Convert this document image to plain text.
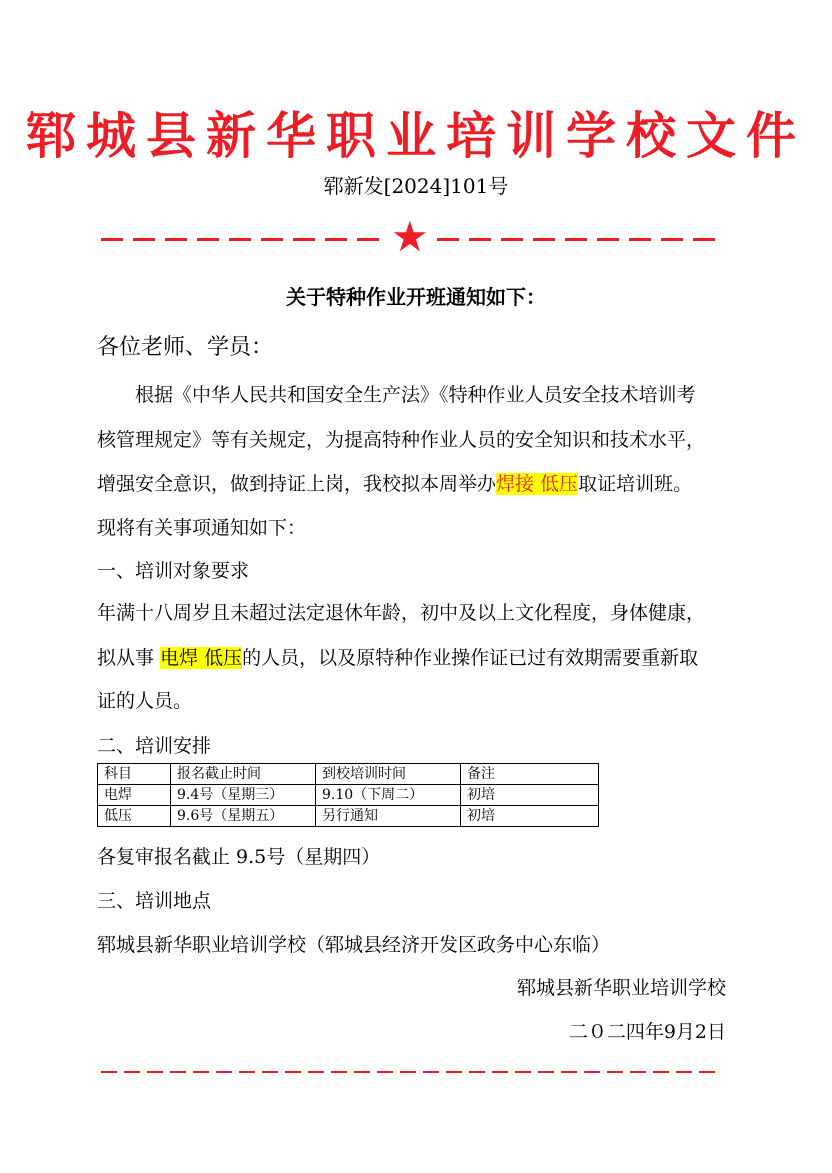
郓城县新华职业培训学校文件
郓新发[2024]101号
★
关于特种作业开班通知如下：
各位老师、学员：
根据《中华人民共和国安全生产法》《特种作业人员安全技术培训考
核管理规定》等有关规定，为提高特种作业人员的安全知识和技术水平，
增强安全意识，做到持证上岗，我校拟本周举办焊接 低压取证培训班。
现将有关事项通知如下：
一、培训对象要求
年满十八周岁且未超过法定退休年龄，初中及以上文化程度，身体健康，
拟从事 电焊 低压的人员，以及原特种作业操作证已过有效期需要重新取
证的人员。
二、培训安排
科目	报名截止时间	到校培训时间	备注
电焊	9.4号（星期三）	9.10（下周二）	初培
低压	9.6号（星期五）	另行通知	初培
各复审报名截止 9.5号（星期四）
三、培训地点
郓城县新华职业培训学校（郓城县经济开发区政务中心东临）
郓城县新华职业培训学校
二０二四年9月2日
